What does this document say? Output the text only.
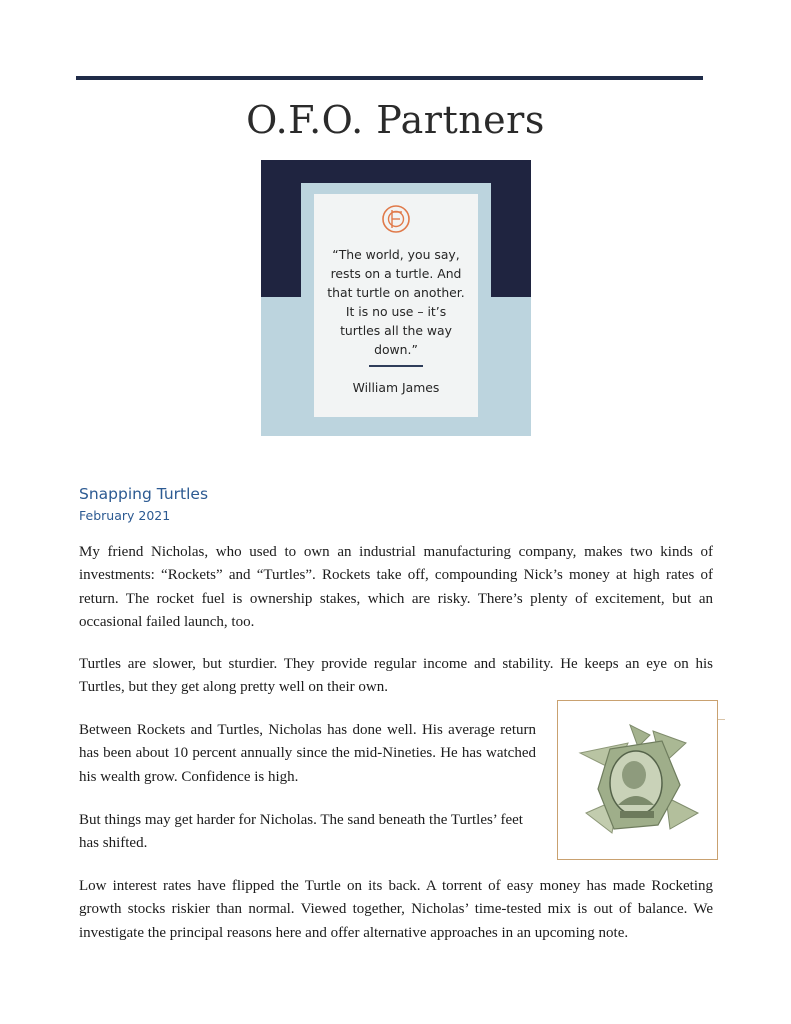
O.F.O. Partners
“The world, you say,
rests on a turtle. And
that turtle on another.
It is no use – it’s
turtles all the way
down.”
William James
Snapping Turtles
February 2021

My friend Nicholas, who used to own an industrial manufacturing company, makes two kinds of investments: “Rockets” and “Turtles”. Rockets take off, compounding Nick’s money at high rates of return. The rocket fuel is ownership stakes, which are risky. There’s plenty of excitement, but an occasional failed launch, too.

Turtles are slower, but sturdier. They provide regular income and stability. He keeps an eye on his Turtles, but they get along pretty well on their own.

Between Rockets and Turtles, Nicholas has done well. His average return has been about 10 percent annually since the mid-Nineties. He has watched his wealth grow. Confidence is high.

But things may get harder for Nicholas. The sand beneath the Turtles’ feet has shifted.

Low interest rates have flipped the Turtle on its back. A torrent of easy money has made Rocketing growth stocks riskier than normal. Viewed together, Nicholas’ time-tested mix is out of balance. We investigate the principal reasons here and offer alternative approaches in an upcoming note.
